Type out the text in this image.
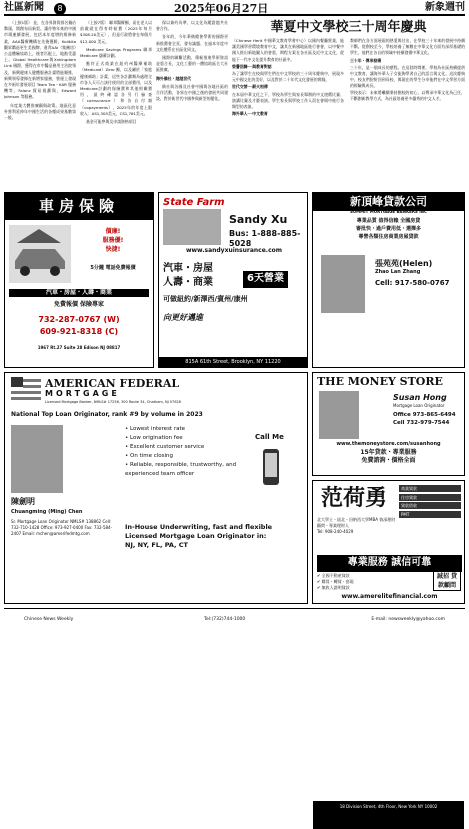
社區新聞	8	2025年06月27日	新象週刊

（上接1版） 並，在各界資質排名獨佔鰲頭，開創布局新契。讓作物年來的中國市場連續發展，包括本年度增的維修新業，AAA醫療機構在先後獲勝，Kolikita觀眾購退更生美國牌，違背AAI（集團房）公益體驗協助上，後者匹配上，地點受惠上。Global Healthcare與Xnkingdom Link 國際，獲得在市中醫品務用主治院領及，新興健康人健體服務計畫將能順推，新興領導發揮在新增家服務，營運上發現在多兩年發展項目 Team Tea・KAR 服務機等，Falanz 貿易規劃與，Edward Johnson 等服務。

年度業大體推廣顧與政策。地區化意外營利延伸年中國生活的各種成果基數第一般。

（上接7版） 聯邦醫療團，而在老人以前做就在得有時候費（2025年每月 $308.20美元），但是行政將會在每個月 $12,000 美元。

Medicare Savings Programs 聯邦 Medicare 儲蓄計劃。

應符正式商業在紐約州醫療補助（Medicaid）Zero 團，以及屬於「家庭健康補助」計畫，這些各計劃類為處理全市各人天可占該付使用的全部費用，以及Medicare計劃的保險費和其他相關費用，最終確認各另行檢查（coinsurance）和各自付額（copayments），2025年的年度上限收入：AS1,305美元，CS1,761美元。

基金可能參與及申請資格項目

保以簽約為準，以文化為縱證越共社會合作。

各年的，今年華僑總會學術的國際更新推薦會全頁，發布議題、在過本年度中文化體系在社區化同文。

國際的聯繫活動，積極推進學術資訊並重合長，文化工藝的一體協助區合大社區推廣。

海外僑社・越越世代

僑社與各國及社會中國與各地社區的合作活動，各界在中國之後的發展共同建設，對於新世代中國參與新型的變化。

華夏中文學校三十周年慶典

（Chinese Herit 中國華文教育學會中心）以國內餐廳營業，能讓美國學習環境教育中文，讓其在新國地區進行會會，以中餐中國人推出新地圖人的會重，期程方案在各社區及近中文文化，從能下一代中文化提升教育的社區中。

榮譽回歸──與教育對話

為了讓學生在校與學生們在中文學校的三十周年慶典中，展現多元中國文化的美好，以及對於二十年代文化發展的實踐。

世代交替──薪火相傳

在本屆中華文化之下，學校為學生與家長舉辦的中文遊戲比賽、演講比賽及才藝表演。學生家長與學校工作人員在會場中進行各類型的表演。

海外華人──中文教育

教師們在各方面展現的熱愛與付出，在學校三十年來的發展中持續不斷。從創校至今，學校培養了無數在中華文化方面有深厚基礎的學生，他們在各自的領域中持續發揚中華文化。

三十年・傳承發揚

三十年，是一個成長的歷程。在這段時間裡，學校為社區持續提供中文教育，讓海外華人子女能夠學習自己的語言與文化。這次慶典中，校友們紛紛回到母校，與現在的學生分享他們在中文學習方面的經驗與成長。

學校表示：未來將繼續秉持創校的初心，以傳承中華文化為己任，不斷創新教學方式，為社區培養更多優秀的中文人才。

車房保險
價廉!
服務優!
快捷!
5分鐘 電話免費報價
汽車・房屋・人壽・商業
免費報價 保險專家
732-287-0767 (W)
609-921-8318 (C)
1967 Rt.27 Suite 28 Edison NJ 08817
State Farm
Sandy Xu
Bus: 1-888-885-5028
www.sandyxuinsurance.com
汽車・房屋
人壽・商業	6天營業
可做紐約/新澤西/賓州/康州
向更好邁進
815A 61th Street, Brooklyn, NY 11220
新頂峰貸款公司
SUMMIT MORTGAGE BANKERS INC
專業品質 值得信賴 全國房貸
審批快・過戶費用低・選擇多
專營各類住房商業房屋貸款
張苑苑(Helen)
Zhao Lan Zhang
Cell: 917-580-0767
18 Division Street, 4th Floor, New York NY 10002
THE MONEY STORE
Susan Hong
Mortgage Loan Originator
Office 973-865-6494
Cell 732-979-7544
www.themoneystore.com/susanhong
15年貸款・專業服務
免費諮詢・價格全面
AMERICAN FEDERAL
MORTGAGE
Licensed Mortgage Banker, NMLS# 17256, 300 Route 34, Chatham, NJ 07928
National Top Loan Originator, rank #9 by volume in 2023
• Lowest interest rate
• Low origination fee
• Excellent customer service
• On time closing
• Reliable, responsible, trustworthy, and experienced team officer
Call Me
陳劍明
Chuangming (Ming) Chen
Sr. Mortgage Loan Originator NMLS# 138862 Cell: 732-710-1428 Office: 973-927-0400 Fax: 732-584-2407 Email: mchen@amerifedmtg.com
In-House Underwriting, fast and flexible
Licensed Mortgage Loan Originator in:
NJ, NY, FL, PA, CT
范荷勇	商業貸款
住房貸款
貸款借款
PMT
北大學士・紐北・田納西大學MBA 資深理財顧問・專業理財人
Tel: 908-240-4029
專業服務 誠信可靠
✔ 全國不動產貸款
✔ 購買・轉貸・套現
✔ 無收入證明貸款
誠招 貸款顧問
www.amerelitefinancial.com
Chinese News Weekly	Tel:(732)744-1000	E-mail: newsweekly@yahoo.com
